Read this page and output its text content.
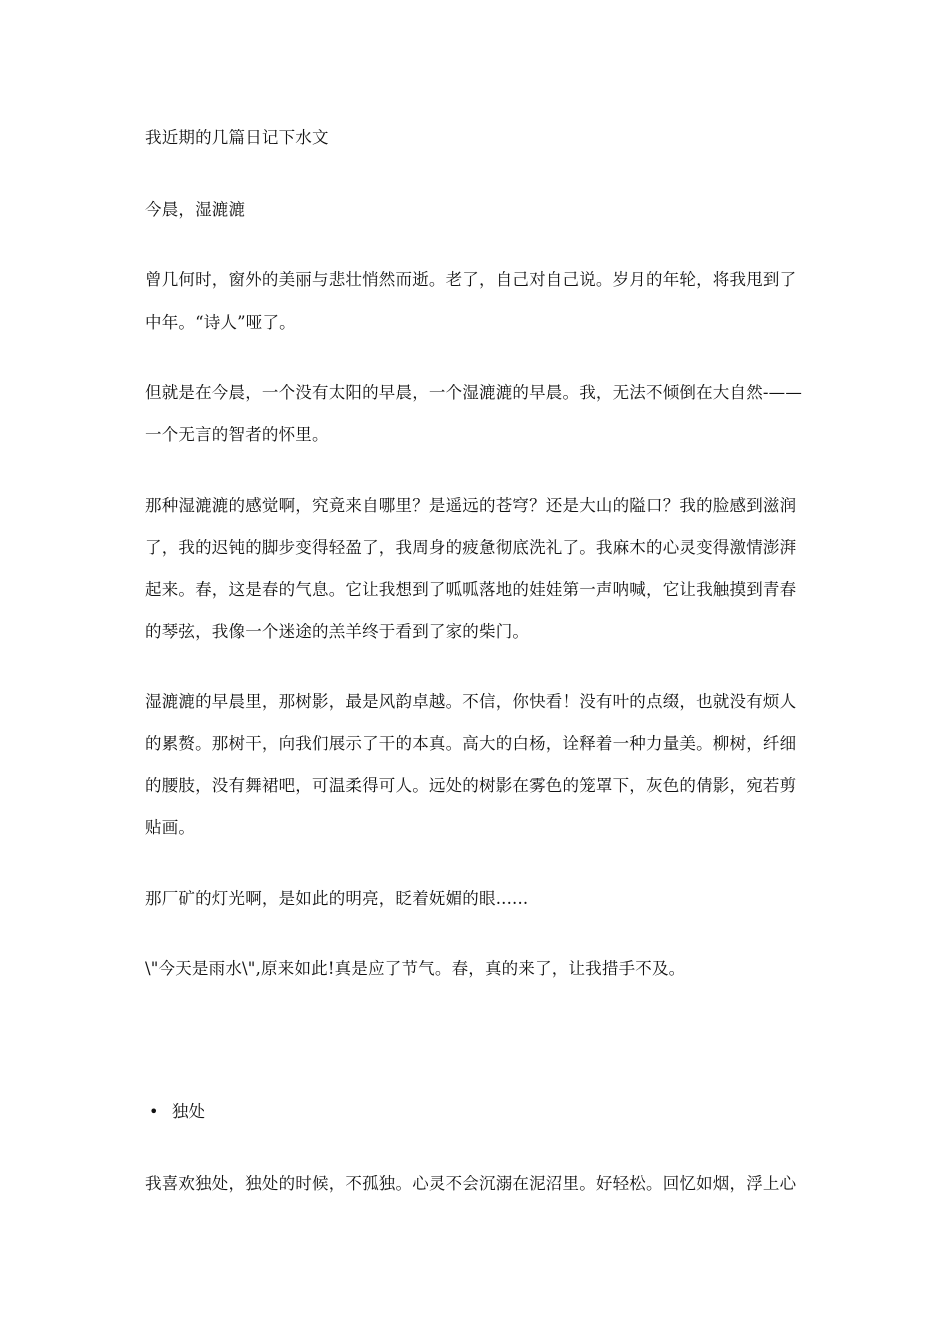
我近期的几篇日记下水文
今晨，湿漉漉
曾几何时，窗外的美丽与悲壮悄然而逝。老了，自己对自己说。岁月的年轮，将我甩到了
中年。“诗人”哑了。
但就是在今晨，一个没有太阳的早晨，一个湿漉漉的早晨。我，无法不倾倒在大自然-——
一个无言的智者的怀里。
那种湿漉漉的感觉啊，究竟来自哪里？是遥远的苍穹？还是大山的隘口？我的脸感到滋润
了，我的迟钝的脚步变得轻盈了，我周身的疲惫彻底洗礼了。我麻木的心灵变得激情澎湃
起来。春，这是春的气息。它让我想到了呱呱落地的娃娃第一声呐喊，它让我触摸到青春
的琴弦，我像一个迷途的羔羊终于看到了家的柴门。
湿漉漉的早晨里，那树影，最是风韵卓越。不信，你快看！没有叶的点缀，也就没有烦人
的累赘。那树干，向我们展示了干的本真。高大的白杨，诠释着一种力量美。柳树，纤细
的腰肢，没有舞裙吧，可温柔得可人。远处的树影在雾色的笼罩下，灰色的倩影，宛若剪
贴画。
那厂矿的灯光啊，是如此的明亮，眨着妩媚的眼......
\"今天是雨水\",原来如此!真是应了节气。春，真的来了，让我措手不及。
• 独处
我喜欢独处，独处的时候，不孤独。心灵不会沉溺在泥沼里。好轻松。回忆如烟，浮上心
